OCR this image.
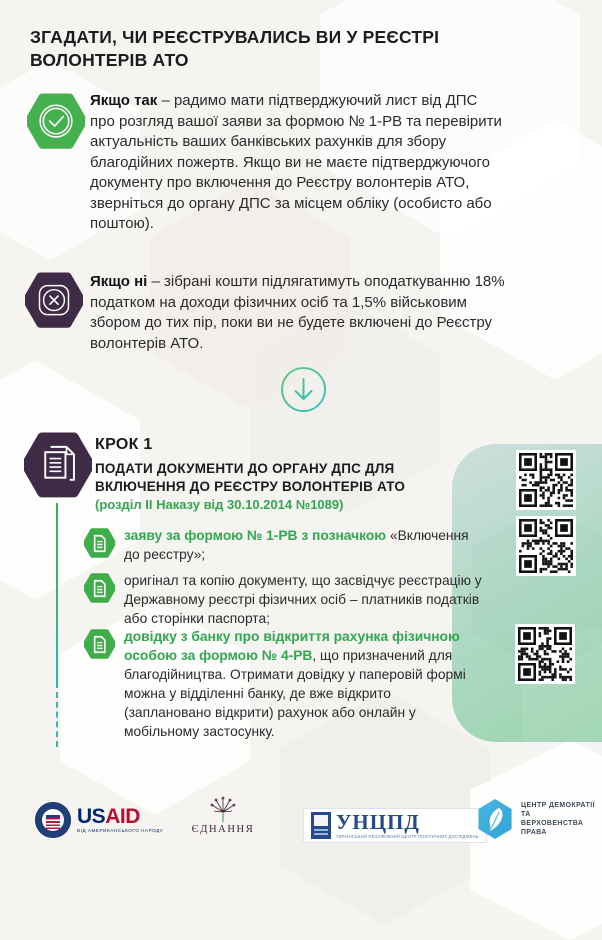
ЗГАДАТИ, ЧИ РЕЄСТРУВАЛИСЬ ВИ У РЕЄСТРІ ВОЛОНТЕРІВ АТО

Якщо так – радимо мати підтверджуючий лист від ДПС про розгляд вашої заяви за формою № 1-РВ та перевірити актуальність ваших банківських рахунків для збору благодійних пожертв. Якщо ви не маєте підтверджуючого документу про включення до Реєстру волонтерів АТО, зверніться до органу ДПС за місцем обліку (особисто або поштою).

Якщо ні – зібрані кошти підлягатимуть оподаткуванню 18% податком на доходи фізичних осіб та 1,5% військовим збором до тих пір, поки ви не будете включені до Реєстру волонтерів АТО.

КРОК 1
ПОДАТИ ДОКУМЕНТИ ДО ОРГАНУ ДПС ДЛЯ ВКЛЮЧЕННЯ ДО РЕЄСТРУ ВОЛОНТЕРІВ АТО

(розділ ІІ Наказу від 30.10.2014 №1089)

заяву за формою № 1-РВ з позначкою «Включення до реєстру»;

оригінал та копію документу, що засвідчує реєстрацію у Державному реєстрі фізичних осіб – платників податків або сторінки паспорта;

довідку з банку про відкриття рахунка фізичною особою за формою № 4-РВ, що призначений для благодійництва. Отримати довідку у паперовій формі можна у відділенні банку, де вже відкрито (заплановано відкрити) рахунок або онлайн у мобільному застосунку.

USAID
ВІД АМЕРИКАНСЬКОГО НАРОДУ	ЄДНАННЯ	УНЦПД
УКРАЇНСЬКИЙ НЕЗАЛЕЖНИЙ ЦЕНТР ПОЛІТИЧНИХ ДОСЛІДЖЕНЬ
ЦЕНТР ДЕМОКРАТІЇ ТА
ВЕРХОВЕНСТВА ПРАВА
